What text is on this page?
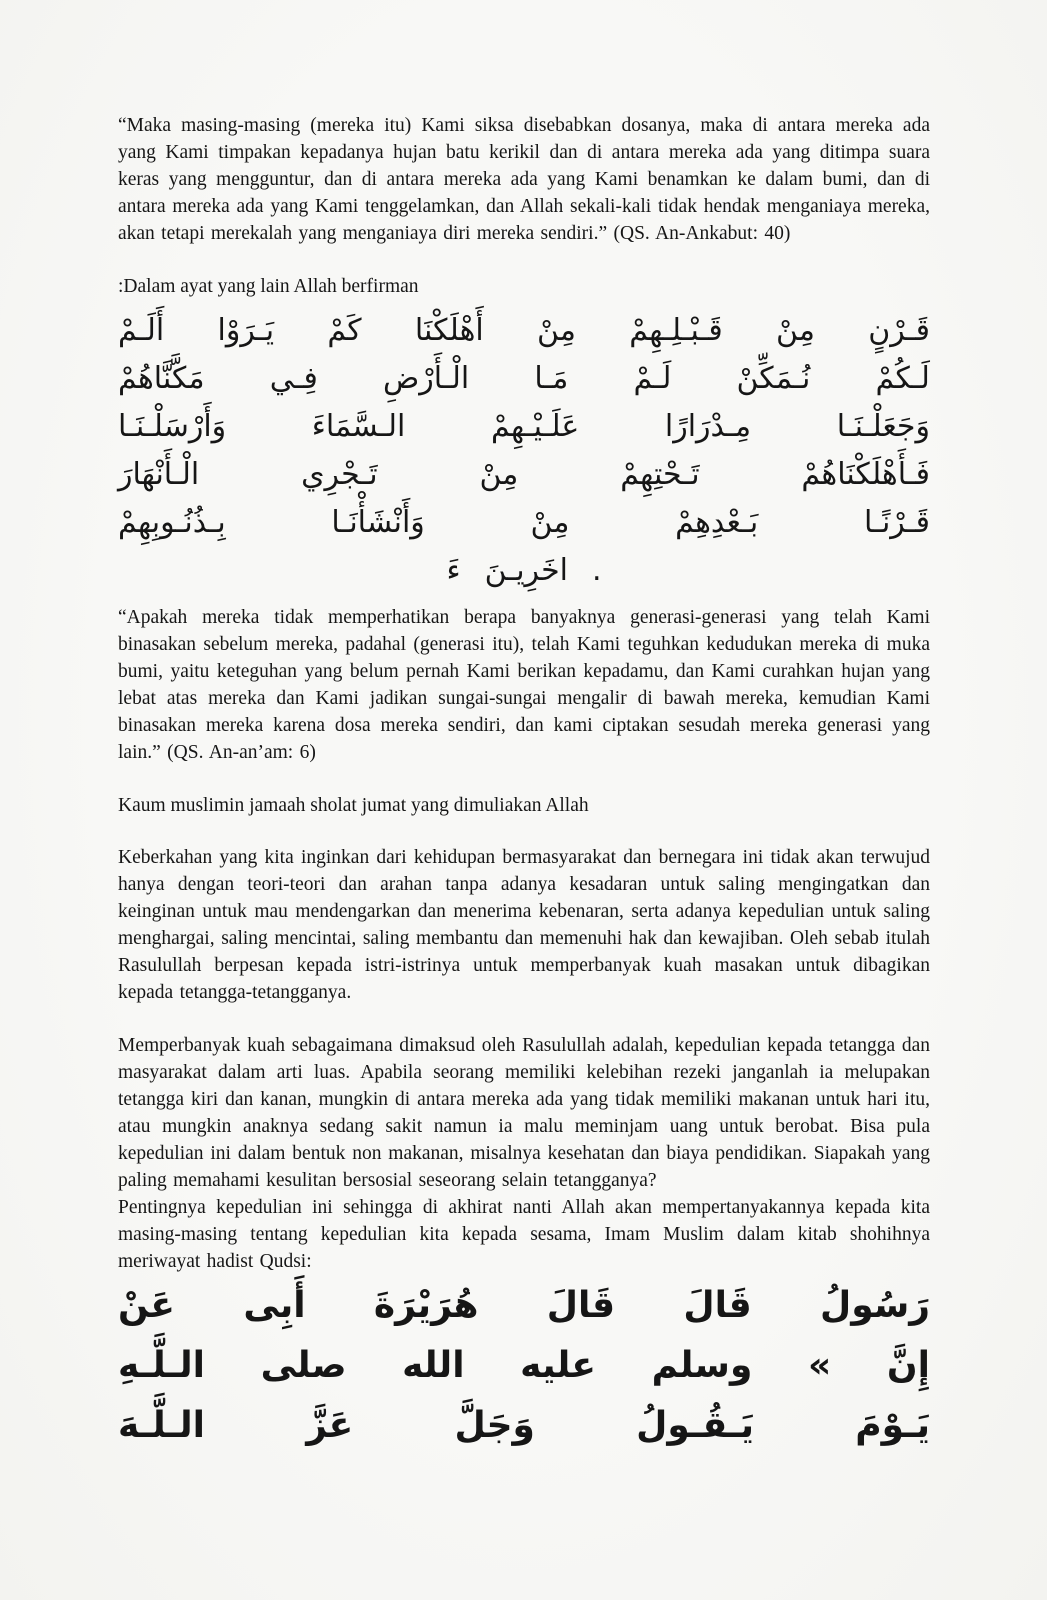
“Maka masing-masing (mereka itu) Kami siksa disebabkan dosanya, maka di antara mereka ada yang Kami timpakan kepadanya hujan batu kerikil dan di antara mereka ada yang ditimpa suara keras yang mengguntur, dan di antara mereka ada yang Kami benamkan ke dalam bumi, dan di antara mereka ada yang Kami tenggelamkan, dan Allah sekali-kali tidak hendak menganiaya mereka, akan tetapi merekalah yang menganiaya diri mereka sendiri.” (QS. An-Ankabut: 40)

:Dalam ayat yang lain Allah berfirman

أَلَـمْ يَـرَوْا كَمْ أَهْلَكْنَا مِنْ قَـبْـلِـهِمْ مِنْ قَـرْنٍ
مَكَّنَّاهُمْ فِـي الْـأَرْضِ مَـا لَـمْ نُـمَكِّنْ لَـكُمْ
وَأَرْسَلْـنَـا	الـسَّمَاءَ	عَلَـيْـهِمْ	مِـدْرَارًا	وَجَعَلْـنَـا
الْـأَنْهَارَ	تَـجْرِي	مِنْ	تَـحْتِهِمْ	فَـأَهْلَكْنَاهُمْ
بِـذُنُـوبِهِمْ	وَأَنْشَأْنَـا	مِنْ	بَـعْدِهِمْ	قَـرْنًـا
ءَ اخَرِيـنَ .

“Apakah mereka tidak memperhatikan berapa banyaknya generasi-generasi yang telah Kami binasakan sebelum mereka, padahal (generasi itu), telah Kami teguhkan kedudukan mereka di muka bumi, yaitu keteguhan yang belum pernah Kami berikan kepadamu, dan Kami curahkan hujan yang lebat atas mereka dan Kami jadikan sungai-sungai mengalir di bawah mereka, kemudian Kami binasakan mereka karena dosa mereka sendiri, dan kami ciptakan sesudah mereka generasi yang lain.” (QS. An-an’am: 6)

Kaum muslimin jamaah sholat jumat yang dimuliakan Allah

Keberkahan yang kita inginkan dari kehidupan bermasyarakat dan bernegara ini tidak akan terwujud hanya dengan teori-teori dan arahan tanpa adanya kesadaran untuk saling mengingatkan dan keinginan untuk mau mendengarkan dan menerima kebenaran, serta adanya kepedulian untuk saling menghargai, saling mencintai, saling membantu dan memenuhi hak dan kewajiban. Oleh sebab itulah Rasulullah berpesan kepada istri-istrinya untuk memperbanyak kuah masakan untuk dibagikan kepada tetangga-tetangganya.

Memperbanyak kuah sebagaimana dimaksud oleh Rasulullah adalah, kepedulian kepada tetangga dan masyarakat dalam arti luas. Apabila seorang memiliki kelebihan rezeki janganlah ia melupakan tetangga kiri dan kanan, mungkin di antara mereka ada yang tidak memiliki makanan untuk hari itu, atau mungkin anaknya sedang sakit namun ia malu meminjam uang untuk berobat. Bisa pula kepedulian ini dalam bentuk non makanan, misalnya kesehatan dan biaya pendidikan. Siapakah yang paling memahami kesulitan bersosial seseorang selain tetangganya?

Pentingnya kepedulian ini sehingga di akhirat nanti Allah akan mempertanyakannya kepada kita masing-masing tentang kepedulian kita kepada sesama, Imam Muslim dalam kitab shohihnya meriwayat hadist Qudsi:

عَنْ أَبِى هُرَيْرَةَ قَالَ قَالَ رَسُولُ
الـلَّـهِ صلى الله عليه وسلم « إِنَّ
الـلَّـهَ	عَزَّ	وَجَلَّ	يَـقُـولُ	يَـوْمَ
